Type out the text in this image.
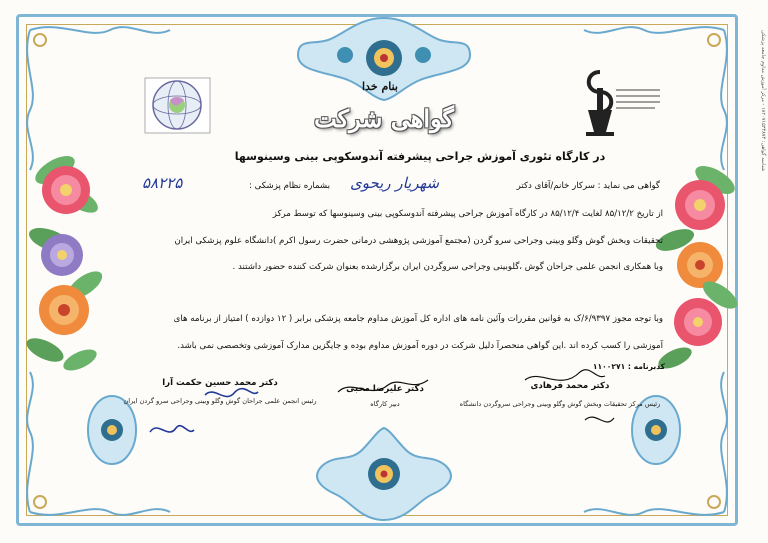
شناسه گواهی: ۱۸۲۰۷۱۵۳۴۸۷۴ - مرکز آموزش مداوم جامعه پزشکی
بنام خدا
گواهی شرکت
در کارگاه تئوری آموزش جراحی پیشرفته آندوسکوپی بینی وسینوسها
گواهی می نماید : سرکار خانم/آقای دکتر
شهریار ریحوی
بشماره نظام پزشکی :
۵۸۲۲۵
از تاریخ ۸۵/۱۲/۲ لغایت ۸۵/۱۲/۴ در کارگاه آموزش جراحی پیشرفته آندوسکوپی بینی وسینوسها که توسط مرکز
تحقیقات وبخش گوش وگلو وبینی وجراحی سرو گردن (مجتمع آموزشی پژوهشی درمانی حضرت رسول اکرم )دانشگاه علوم پزشکی ایران
وبا همکاری انجمن علمی جراحان گوش ،گلوبینی وجراحی سروگردن ایران برگزارشده بعنوان شرکت کننده حضور داشتند .
وبا توجه مجوز ۶/۹۳۹۷/ک به قوانین مقررات وآئین نامه های اداره کل آموزش مداوم جامعه پزشکی برابر ( ۱۲ دوازده ) امتیاز از برنامه های
آموزشی را کسب کرده اند .این گواهی منحصرآ دلیل شرکت در دوره آموزش مداوم بوده و جایگزین مدارک آموزشی وتخصصی نمی باشد.
کدبرنامه : ۱۱۰۰۲۷۱
دکتر محمد حسین حکمت آرا
رئیس انجمن علمی جراحان گوش وگلو وبینی وجراحی سرو گردن ایران
دکتر علیرضا محبی
دبیر کارگاه
دکتر محمد فرهادی
رئیس مرکز تحقیقات وبخش گوش وگلو وبینی وجراحی سروگردن دانشگاه
